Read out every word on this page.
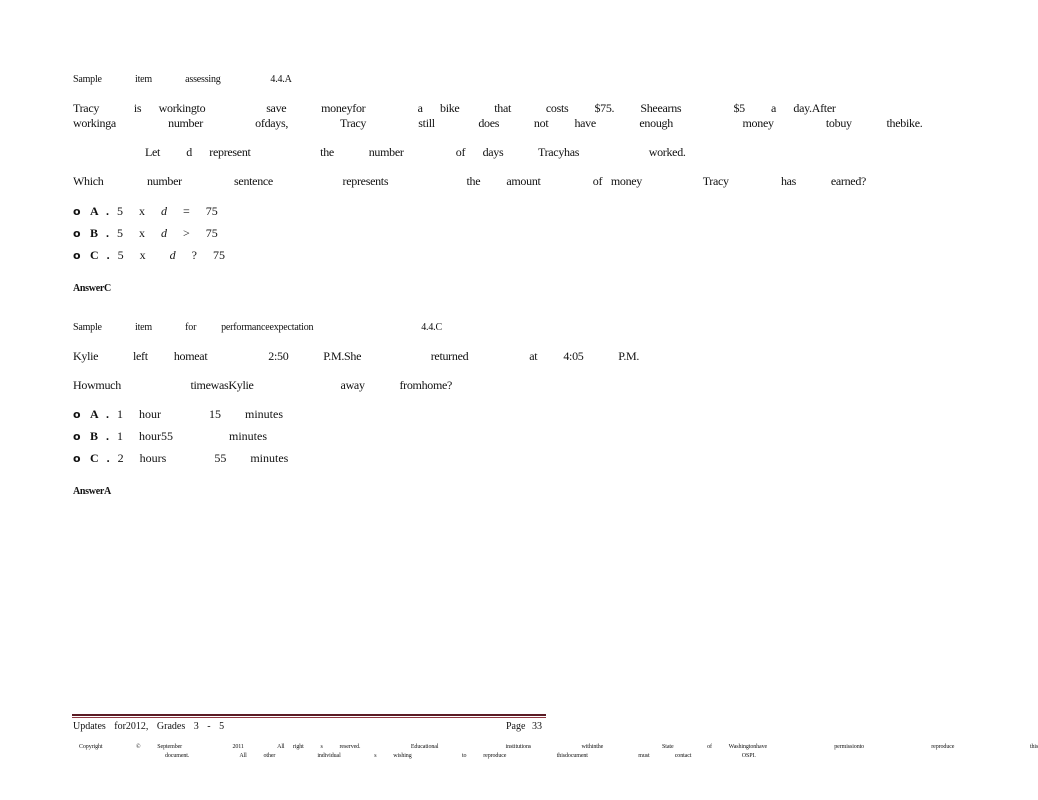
Sample    item    assessing      4.4.A
Tracy    is  workingto       save    moneyfor      a  bike    that    costs   $75.   Sheearns      $5   a  day.After
workinga      number      ofdays,      Tracy      still     does    not   have     enough        money      tobuy    thebike.
Let   d  represent        the    number      of  days    Tracyhas        worked.
Which     number      sentence        represents         the   amount      of money       Tracy      has    earned?
o A . 5  x  d  =  75
o B . 5  x  d  >  75
o C . 5  x   d  ?  75
AnswerC
Sample    item    for   performanceexpectation             4.4.C
Kylie    left   homeat       2:50    P.M.She        returned       at   4:05    P.M.
Howmuch        timewasKylie          away    fromhome?
o A . 1  hour      15   minutes
o B . 1  hour55       minutes
o C . 2  hours      55   minutes
AnswerA
Updates for2012, Grades 3 - 5	Page 33
Copyright    ©  September      2011    All right  s  reserved.      Educational        institutions      withinthe       State    of  Washingtonhave        permissionto        reproduce         this
document.      All  other     individual    s  wishing      to  reproduce      thisdocument      must   contact      OSPI.
